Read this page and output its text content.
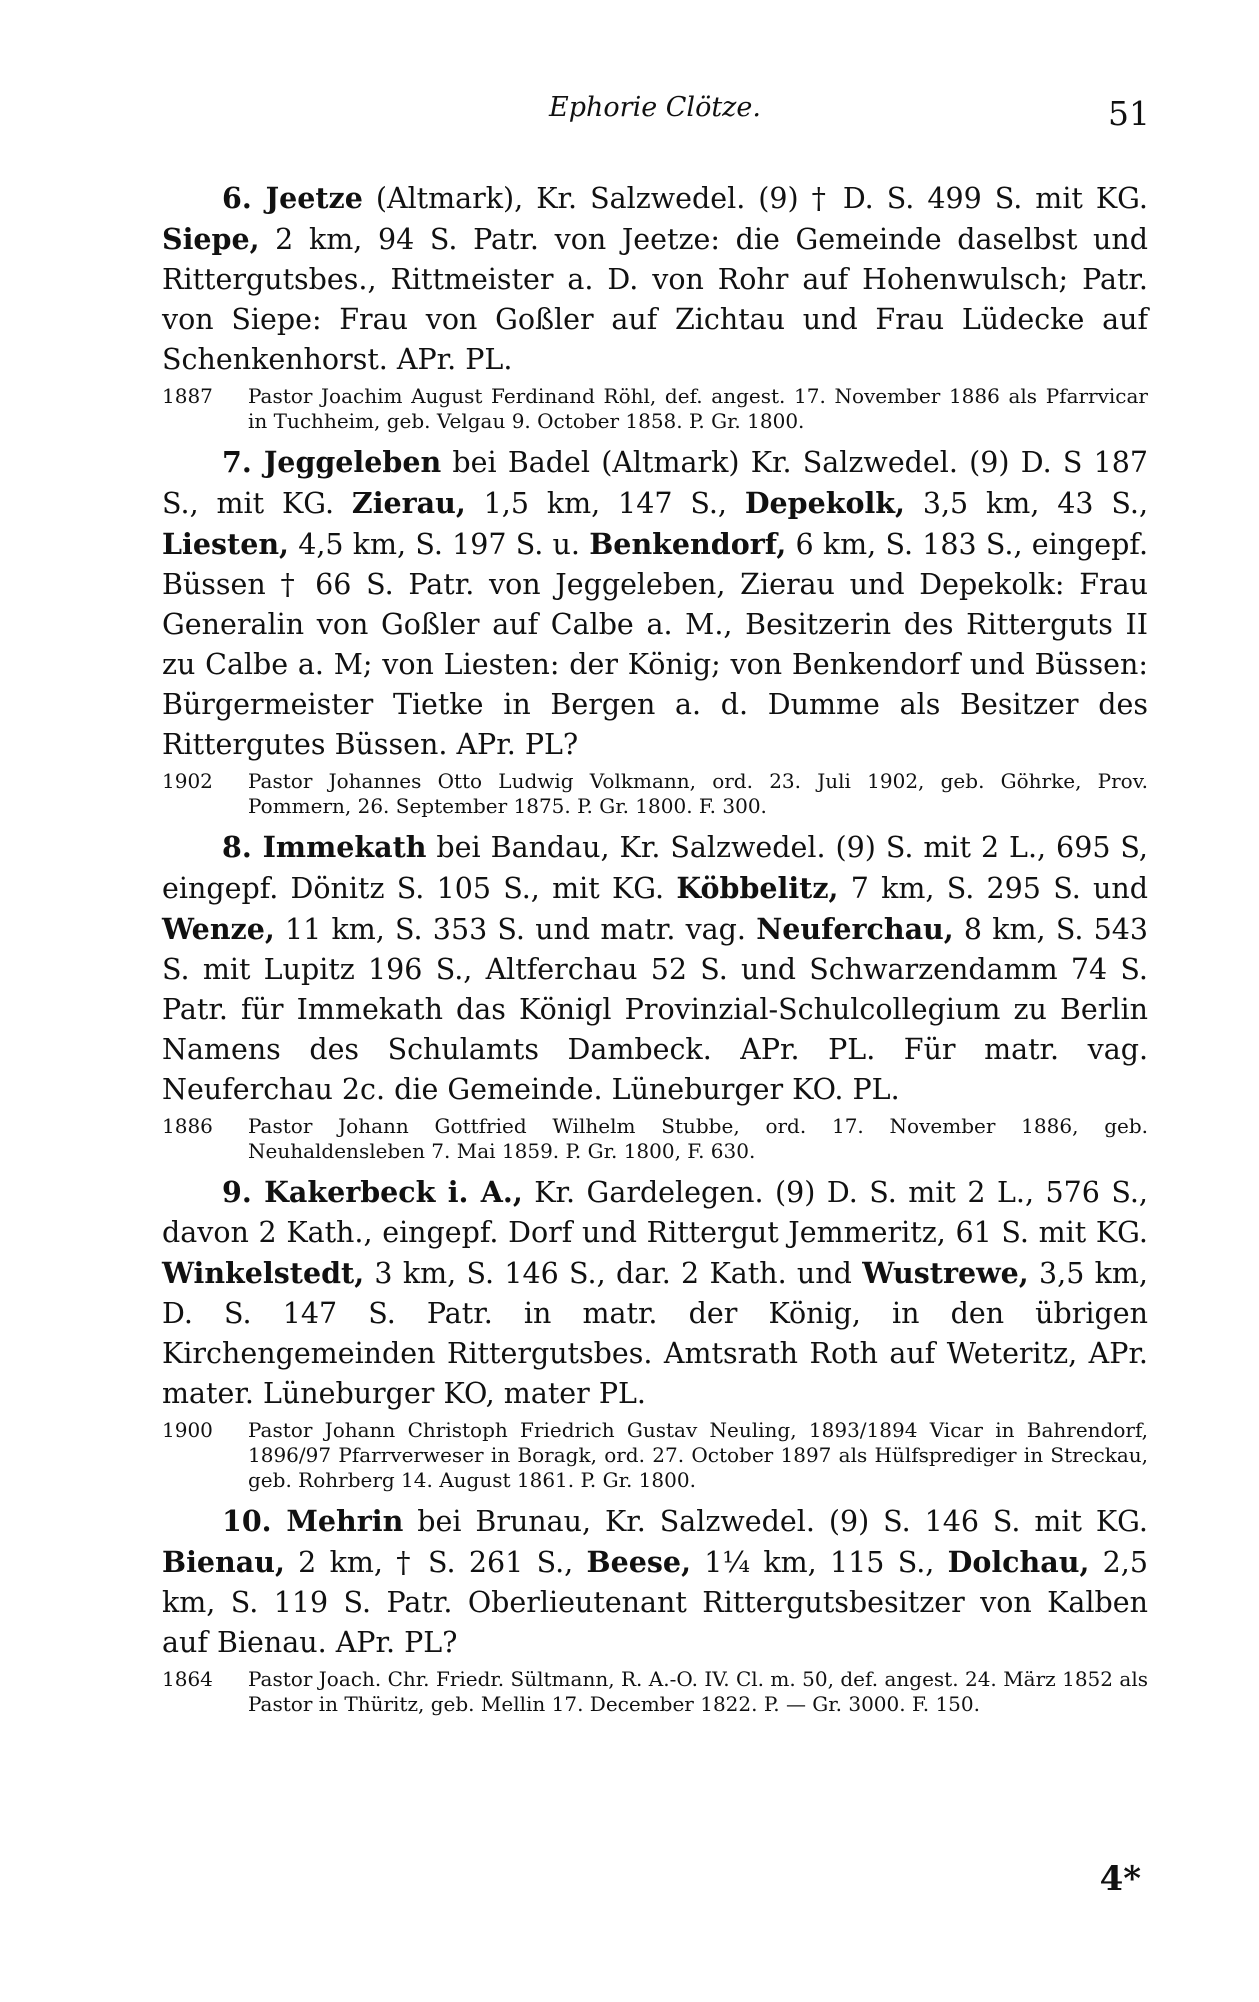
Ephorie Clötze.	51

6. Jeetze (Altmark), Kr. Salzwedel. (9) † D. S. 499 S. mit KG. Siepe, 2 km, 94 S. Patr. von Jeetze: die Gemeinde daselbst und Rittergutsbes., Rittmeister a. D. von Rohr auf Hohenwulsch; Patr. von Siepe: Frau von Goßler auf Zichtau und Frau Lüdecke auf Schenkenhorst. APr. PL.

1887 Pastor Joachim August Ferdinand Röhl, def. angest. 17. November 1886 als Pfarrvicar in Tuchheim, geb. Velgau 9. October 1858. P. Gr. 1800.

7. Jeggeleben bei Badel (Altmark) Kr. Salzwedel. (9) D. S 187 S., mit KG. Zierau, 1,5 km, 147 S., Depekolk, 3,5 km, 43 S., Liesten, 4,5 km, S. 197 S. u. Benkendorf, 6 km, S. 183 S., eingepf. Büssen † 66 S. Patr. von Jeggeleben, Zierau und Depekolk: Frau Generalin von Goßler auf Calbe a. M., Besitzerin des Ritterguts II zu Calbe a. M; von Liesten: der König; von Benkendorf und Büssen: Bürgermeister Tietke in Bergen a. d. Dumme als Besitzer des Rittergutes Büssen. APr. PL?

1902 Pastor Johannes Otto Ludwig Volkmann, ord. 23. Juli 1902, geb. Göhrke, Prov. Pommern, 26. September 1875. P. Gr. 1800. F. 300.

8. Immekath bei Bandau, Kr. Salzwedel. (9) S. mit 2 L., 695 S, eingepf. Dönitz S. 105 S., mit KG. Köbbelitz, 7 km, S. 295 S. und Wenze, 11 km, S. 353 S. und matr. vag. Neuferchau, 8 km, S. 543 S. mit Lupitz 196 S., Altferchau 52 S. und Schwarzendamm 74 S. Patr. für Immekath das Königl Provinzial-Schulcollegium zu Berlin Namens des Schulamts Dambeck. APr. PL. Für matr. vag. Neuferchau 2c. die Gemeinde. Lüneburger KO. PL.

1886 Pastor Johann Gottfried Wilhelm Stubbe, ord. 17. November 1886, geb. Neuhaldensleben 7. Mai 1859. P. Gr. 1800, F. 630.

9. Kakerbeck i. A., Kr. Gardelegen. (9) D. S. mit 2 L., 576 S., davon 2 Kath., eingepf. Dorf und Rittergut Jemmeritz, 61 S. mit KG. Winkelstedt, 3 km, S. 146 S., dar. 2 Kath. und Wustrewe, 3,5 km, D. S. 147 S. Patr. in matr. der König, in den übrigen Kirchengemeinden Rittergutsbes. Amtsrath Roth auf Weteritz, APr. mater. Lüneburger KO, mater PL.

1900 Pastor Johann Christoph Friedrich Gustav Neuling, 1893/1894 Vicar in Bahrendorf, 1896/97 Pfarrverweser in Boragk, ord. 27. October 1897 als Hülfsprediger in Streckau, geb. Rohrberg 14. August 1861. P. Gr. 1800.

10. Mehrin bei Brunau, Kr. Salzwedel. (9) S. 146 S. mit KG. Bienau, 2 km, † S. 261 S., Beese, 1¼ km, 115 S., Dolchau, 2,5 km, S. 119 S. Patr. Oberlieutenant Rittergutsbesitzer von Kalben auf Bienau. APr. PL?

1864 Pastor Joach. Chr. Friedr. Sültmann, R. A.-O. IV. Cl. m. 50, def. angest. 24. März 1852 als Pastor in Thüritz, geb. Mellin 17. December 1822. P. — Gr. 3000. F. 150.
4*
